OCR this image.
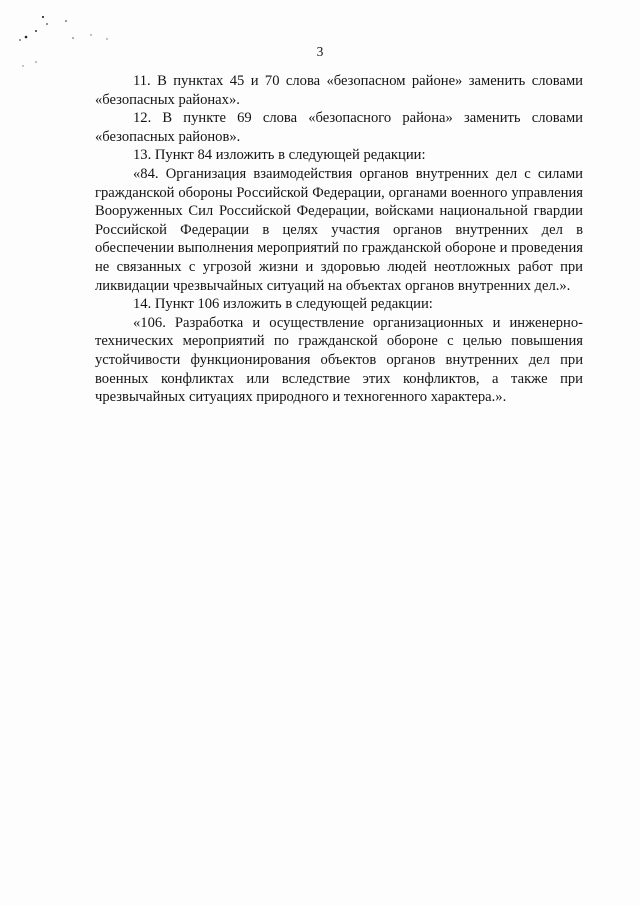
3

11. В пунктах 45 и 70 слова «безопасном районе» заменить словами «безопасных районах».

12. В пункте 69 слова «безопасного района» заменить словами «безопасных районов».

13. Пункт 84 изложить в следующей редакции:

«84. Организация взаимодействия органов внутренних дел с силами гражданской обороны Российской Федерации, органами военного управления Вооруженных Сил Российской Федерации, войсками национальной гвардии Российской Федерации в целях участия органов внутренних дел в обеспечении выполнения мероприятий по гражданской обороне и проведения не связанных с угрозой жизни и здоровью людей неотложных работ при ликвидации чрезвычайных ситуаций на объектах органов внутренних дел.».

14. Пункт 106 изложить в следующей редакции:

«106. Разработка и осуществление организационных и инженерно-технических мероприятий по гражданской обороне с целью повышения устойчивости функционирования объектов органов внутренних дел при военных конфликтах или вследствие этих конфликтов, а также при чрезвычайных ситуациях природного и техногенного характера.».
